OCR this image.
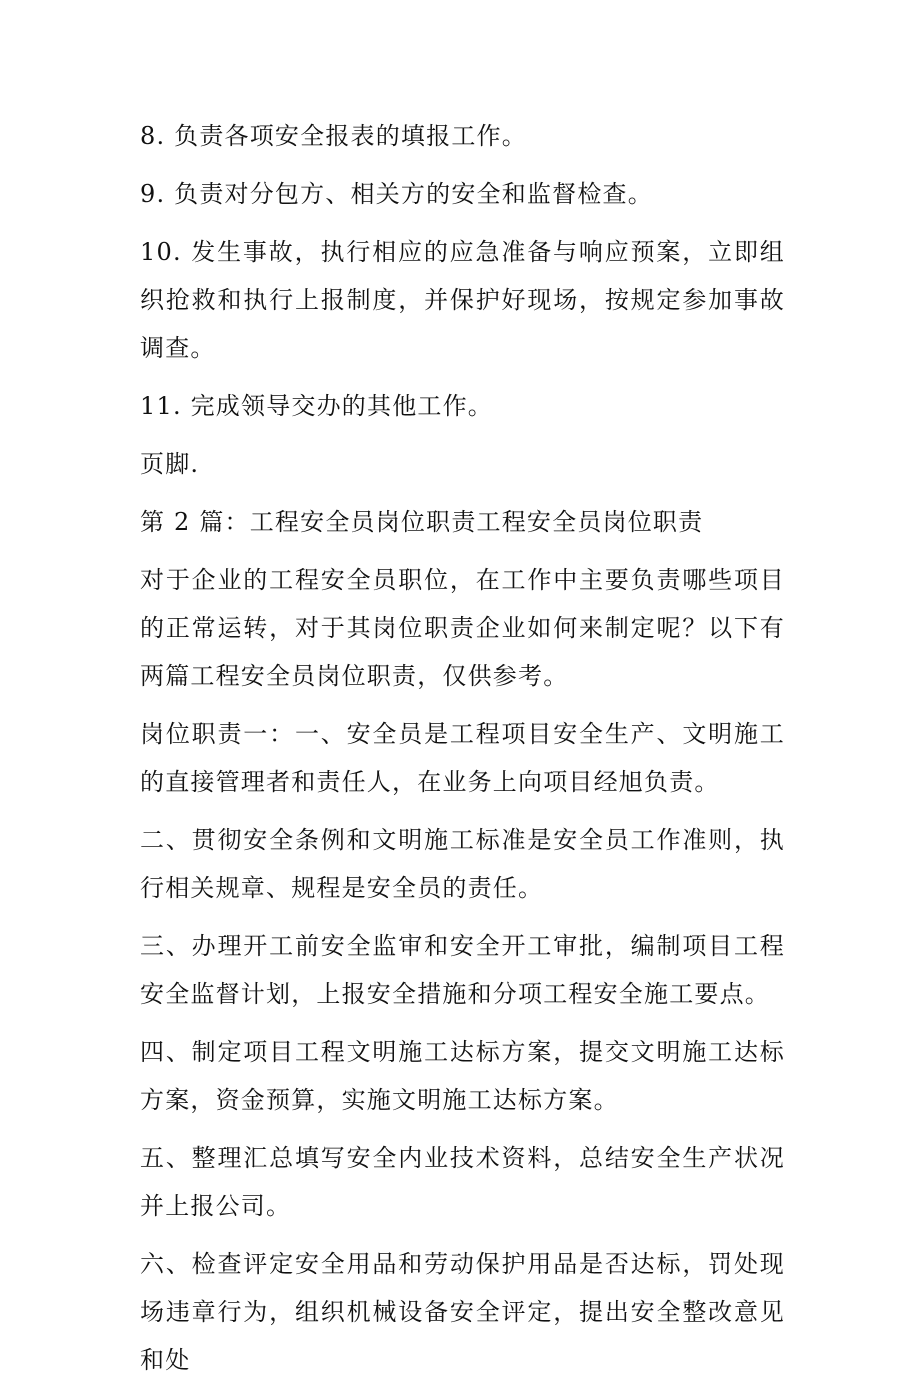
8. 负责各项安全报表的填报工作。

9. 负责对分包方、相关方的安全和监督检查。

10. 发生事故，执行相应的应急准备与响应预案，立即组织抢救和执行上报制度，并保护好现场，按规定参加事故调查。

11. 完成领导交办的其他工作。

页脚.

第 2 篇：工程安全员岗位职责工程安全员岗位职责

对于企业的工程安全员职位，在工作中主要负责哪些项目的正常运转，对于其岗位职责企业如何来制定呢？以下有两篇工程安全员岗位职责，仅供参考。

岗位职责一：一、安全员是工程项目安全生产、文明施工的直接管理者和责任人，在业务上向项目经旭负责。

二、贯彻安全条例和文明施工标准是安全员工作准则，执行相关规章、规程是安全员的责任。

三、办理开工前安全监审和安全开工审批，编制项目工程安全监督计划，上报安全措施和分项工程安全施工要点。

四、制定项目工程文明施工达标方案，提交文明施工达标方案，资金预算，实施文明施工达标方案。

五、整理汇总填写安全内业技术资料，总结安全生产状况并上报公司。

六、检查评定安全用品和劳动保护用品是否达标，罚处现场违章行为，组织机械设备安全评定，提出安全整改意见和处
